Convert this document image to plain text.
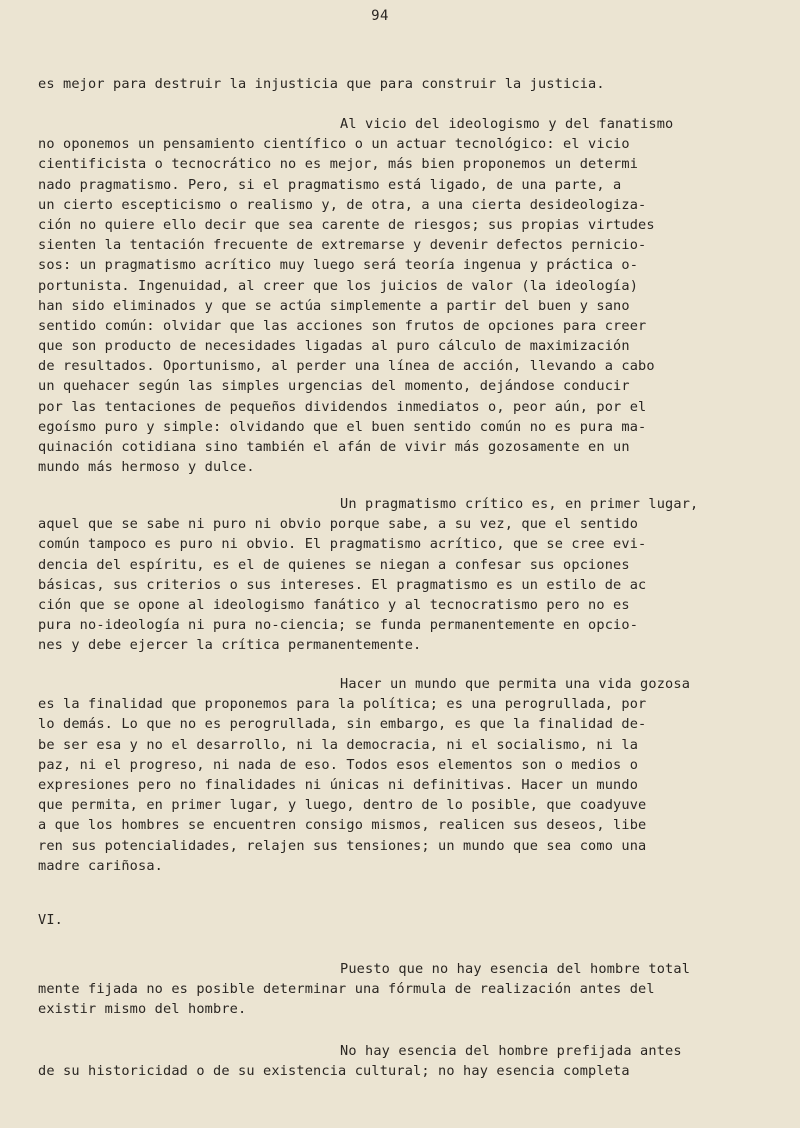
94
es mejor para destruir la injusticia que para construir la justicia.
Al vicio del ideologismo y del fanatismo
no oponemos un pensamiento científico o un actuar tecnológico: el vicio
cientificista o tecnocrático no es mejor, más bien proponemos un determi
nado pragmatismo. Pero, si el pragmatismo está ligado, de una parte, a
un cierto escepticismo o realismo y, de otra, a una cierta desideologiza-
ción no quiere ello decir que sea carente de riesgos; sus propias virtudes
sienten la tentación frecuente de extremarse y devenir defectos pernicio-
sos: un pragmatismo acrítico muy luego será teoría ingenua y práctica o-
portunista. Ingenuidad, al creer que los juicios de valor (la ideología)
han sido eliminados y que se actúa simplemente a partir del buen y sano
sentido común: olvidar que las acciones son frutos de opciones para creer
que son producto de necesidades ligadas al puro cálculo de maximización
de resultados. Oportunismo, al perder una línea de acción, llevando a cabo
un quehacer según las simples urgencias del momento, dejándose conducir
por las tentaciones de pequeños dividendos inmediatos o, peor aún, por el
egoísmo puro y simple: olvidando que el buen sentido común no es pura ma-
quinación cotidiana sino también el afán de vivir más gozosamente en un
mundo más hermoso y dulce.
Un pragmatismo crítico es, en primer lugar,
aquel que se sabe ni puro ni obvio porque sabe, a su vez, que el sentido
común tampoco es puro ni obvio. El pragmatismo acrítico, que se cree evi-
dencia del espíritu, es el de quienes se niegan a confesar sus opciones
básicas, sus criterios o sus intereses. El pragmatismo es un estilo de ac
ción que se opone al ideologismo fanático y al tecnocratismo pero no es
pura no-ideología ni pura no-ciencia; se funda permanentemente en opcio-
nes y debe ejercer la crítica permanentemente.
Hacer un mundo que permita una vida gozosa
es la finalidad que proponemos para la política; es una perogrullada, por
lo demás. Lo que no es perogrullada, sin embargo, es que la finalidad de-
be ser esa y no el desarrollo, ni la democracia, ni el socialismo, ni la
paz, ni el progreso, ni nada de eso. Todos esos elementos son o medios o
expresiones pero no finalidades ni únicas ni definitivas. Hacer un mundo
que permita, en primer lugar, y luego, dentro de lo posible, que coadyuve
a que los hombres se encuentren consigo mismos, realicen sus deseos, libe
ren sus potencialidades, relajen sus tensiones; un mundo que sea como una
madre cariñosa.
VI.
Puesto que no hay esencia del hombre total
mente fijada no es posible determinar una fórmula de realización antes del
existir mismo del hombre.
No hay esencia del hombre prefijada antes
de su historicidad o de su existencia cultural; no hay esencia completa
